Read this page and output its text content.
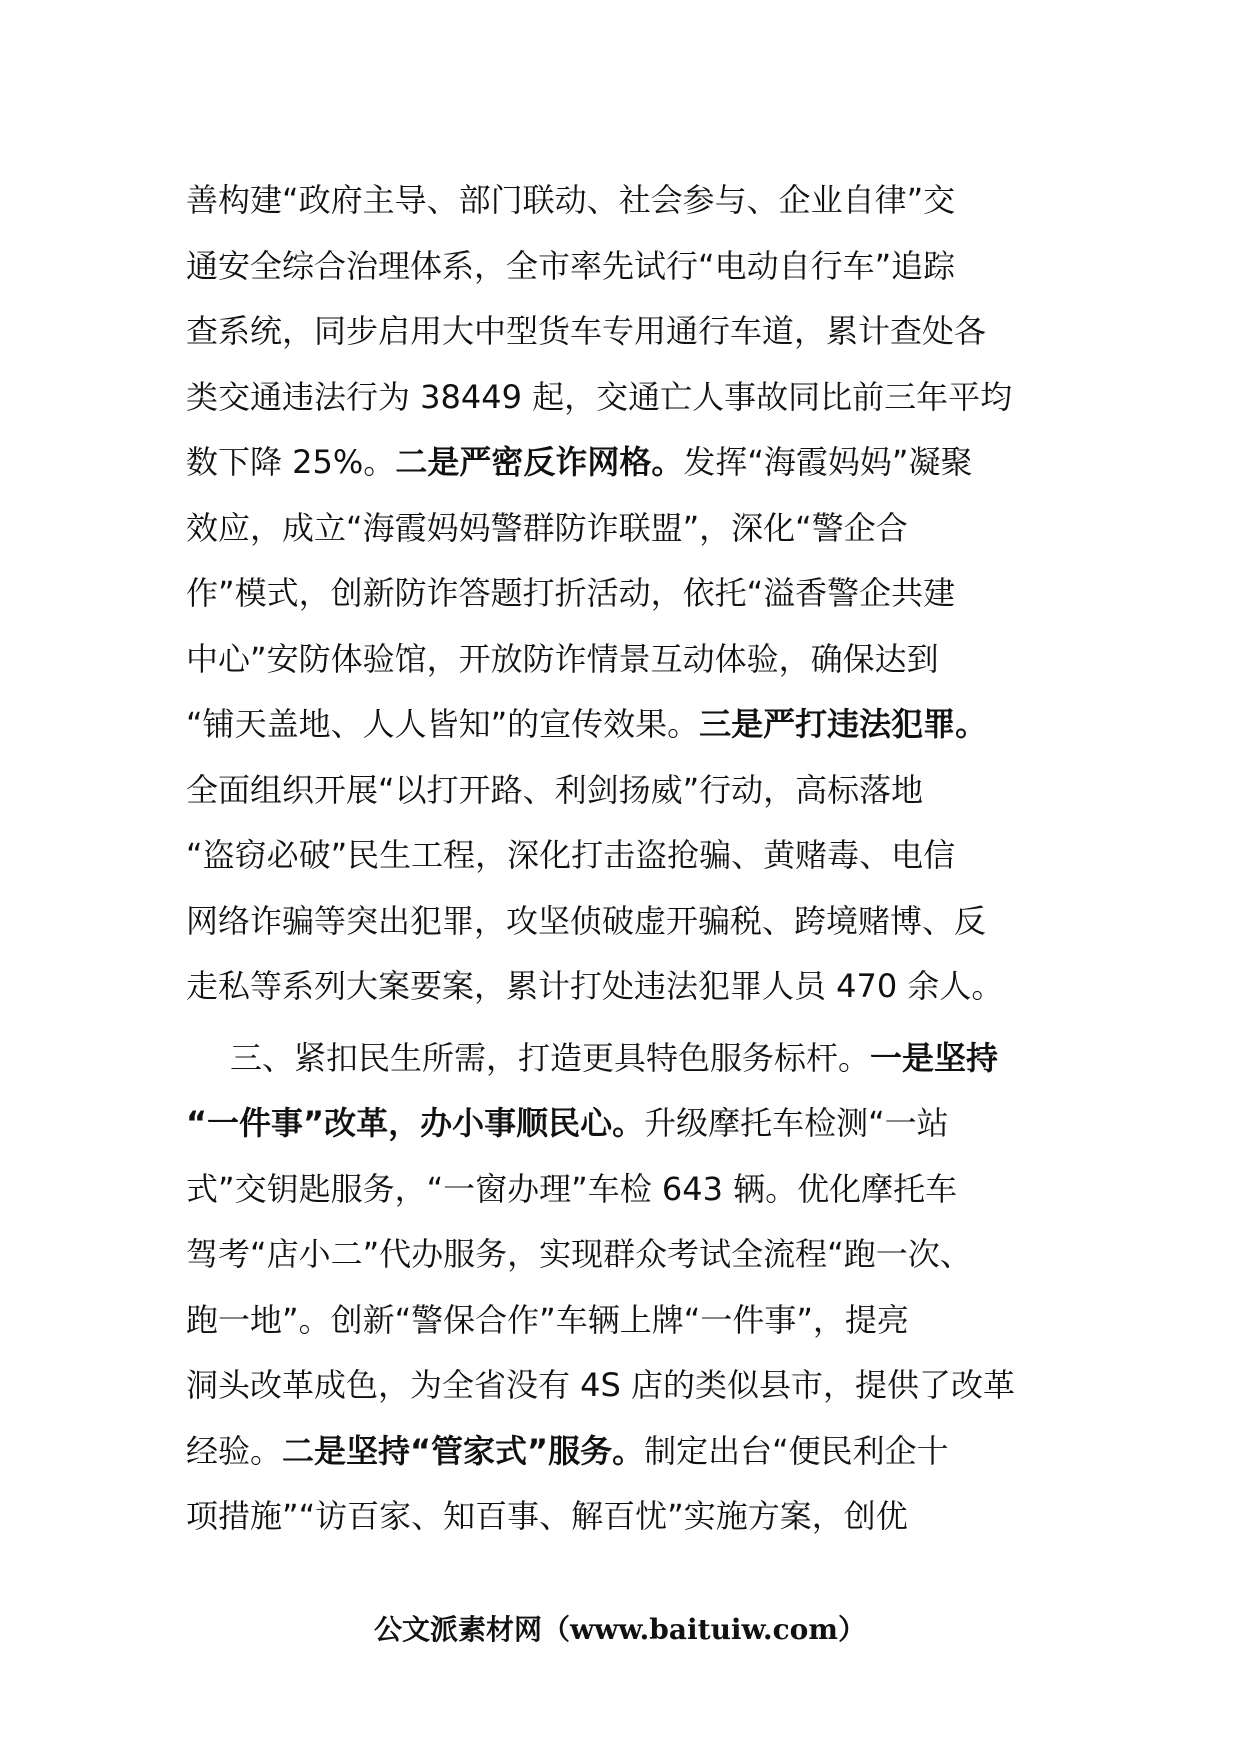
善构建“政府主导、部门联动、社会参与、企业自律”交
通安全综合治理体系，全市率先试行“电动自行车”追踪
查系统，同步启用大中型货车专用通行车道，累计查处各
类交通违法行为 38449 起，交通亡人事故同比前三年平均
数下降 25%。二是严密反诈网格。发挥“海霞妈妈”凝聚
效应，成立“海霞妈妈警群防诈联盟”，深化“警企合
作”模式，创新防诈答题打折活动，依托“溢香警企共建
中心”安防体验馆，开放防诈情景互动体验，确保达到
“铺天盖地、人人皆知”的宣传效果。三是严打违法犯罪。
全面组织开展“以打开路、利剑扬威”行动，高标落地
“盗窃必破”民生工程，深化打击盗抢骗、黄赌毒、电信
网络诈骗等突出犯罪，攻坚侦破虚开骗税、跨境赌博、反
走私等系列大案要案，累计打处违法犯罪人员 470 余人。
三、紧扣民生所需，打造更具特色服务标杆。一是坚持
“一件事”改革，办小事顺民心。升级摩托车检测“一站
式”交钥匙服务，“一窗办理”车检 643 辆。优化摩托车
驾考“店小二”代办服务，实现群众考试全流程“跑一次、
跑一地”。创新“警保合作”车辆上牌“一件事”，提亮
洞头改革成色，为全省没有 4S 店的类似县市，提供了改革
经验。二是坚持“管家式”服务。制定出台“便民利企十
项措施”“访百家、知百事、解百忧”实施方案，创优
公文派素材网（www.baituiw.com）
